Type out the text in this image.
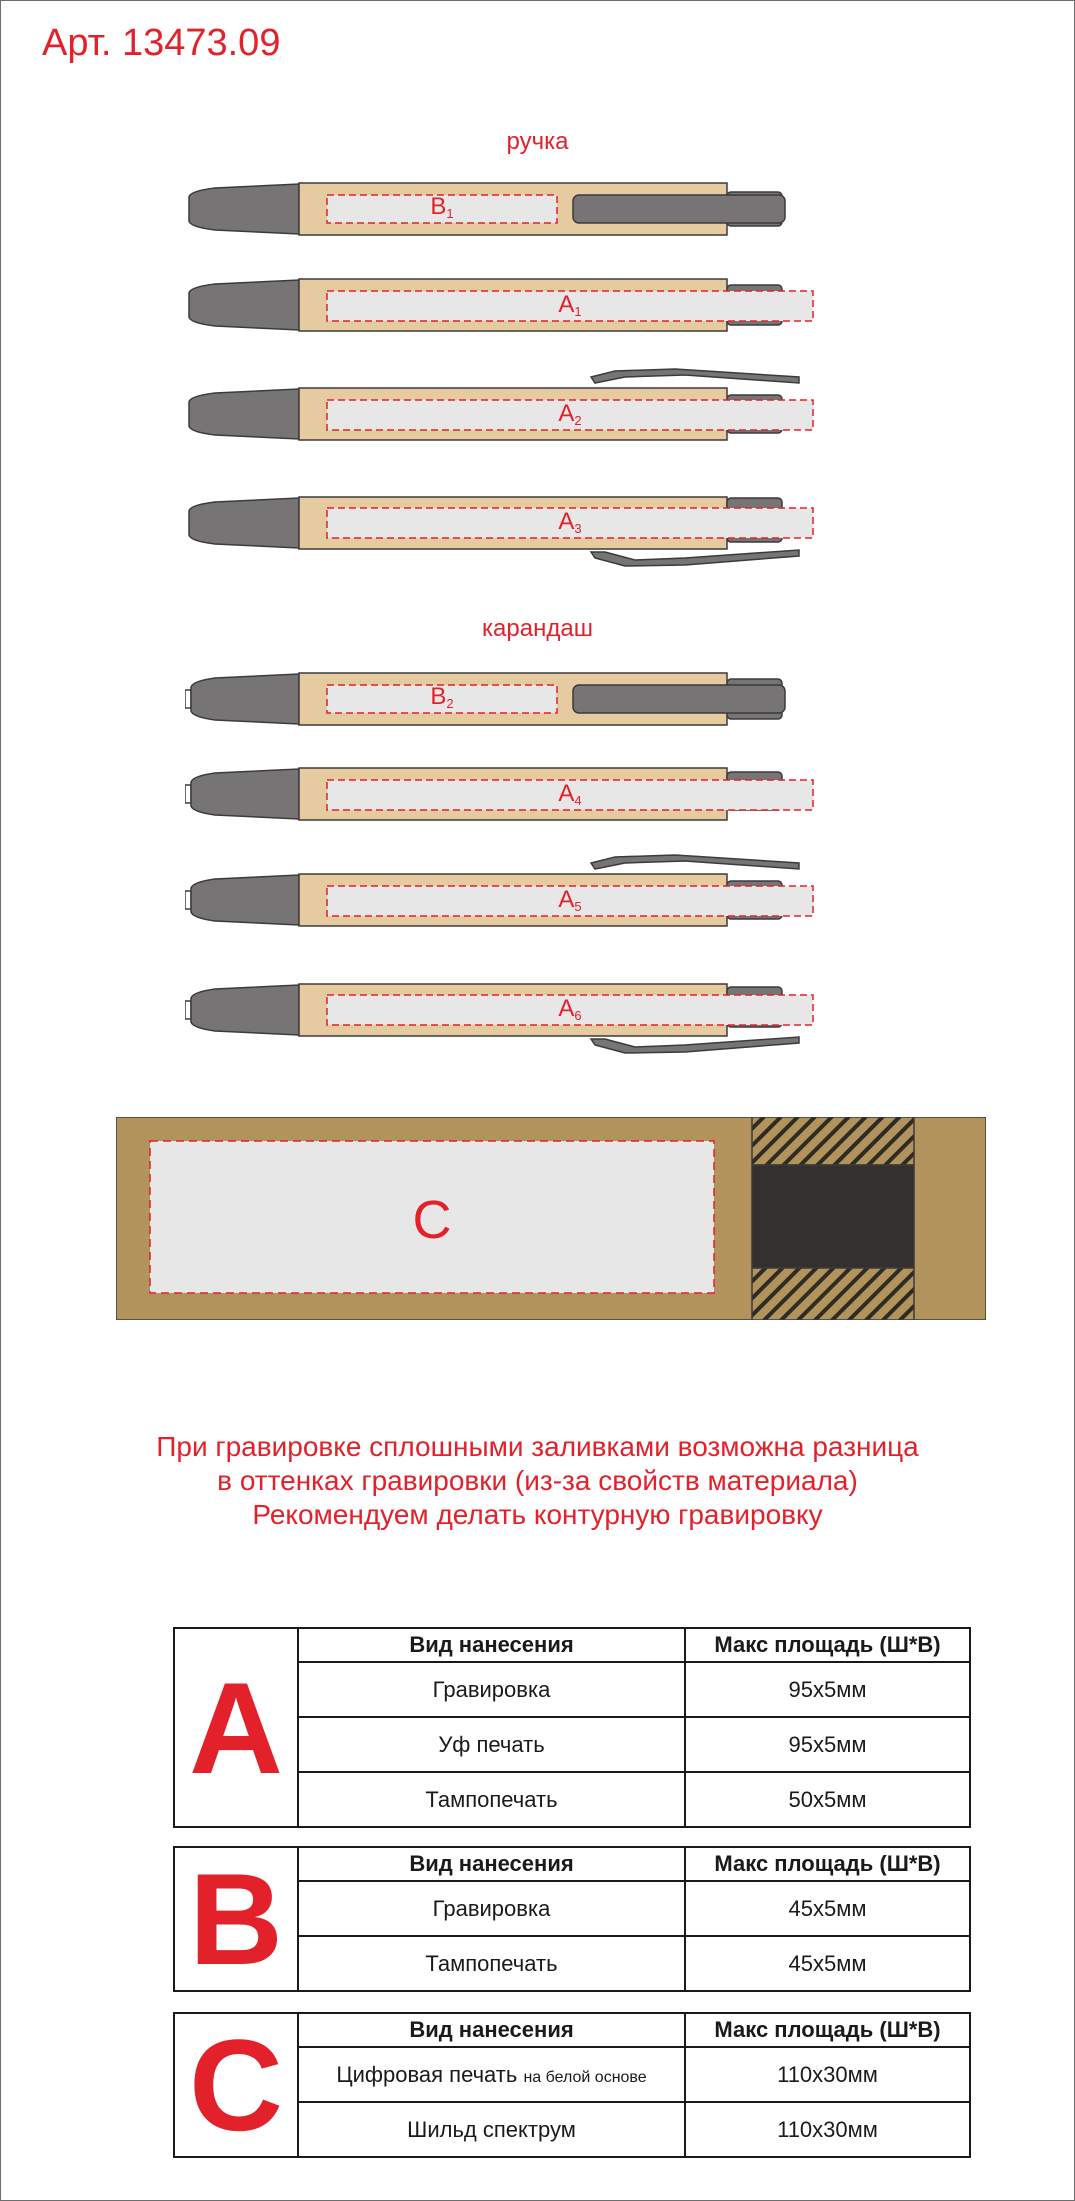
Арт. 13473.09
ручка
$B_1$
$A_1$
$A_2$
$A_3$
карандаш
$B_2$
$A_4$
$A_5$
$A_6$
C
При гравировке сплошными заливками возможна разница
в оттенках гравировки (из-за свойств материала)
Рекомендуем делать контурную гравировку
A	Вид нанесения	Макс площадь (Ш*В)
	Гравировка	95х5мм
	Уф печать	95х5мм
	Тампопечать	50х5мм
B	Вид нанесения	Макс площадь (Ш*В)
	Гравировка	45х5мм
	Тампопечать	45х5мм
C	Вид нанесения	Макс площадь (Ш*В)
	Цифровая печать на белой основе	110х30мм
	Шильд спектрум	110х30мм
